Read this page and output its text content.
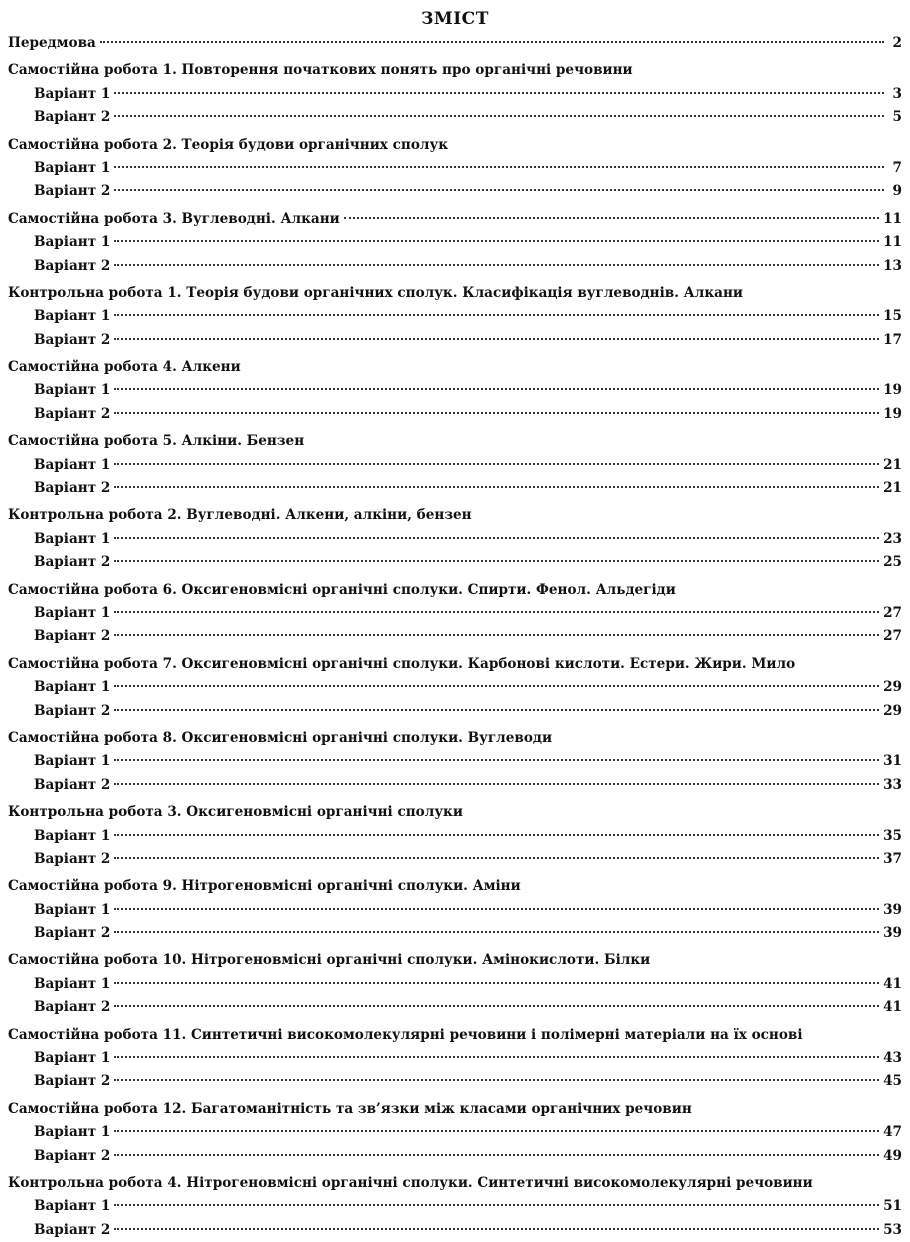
ЗМІСТ
Передмова	2
Самостійна робота 1. Повторення початкових понять про органічні речовини
Варіант 1	3
Варіант 2	5
Самостійна робота 2. Теорія будови органічних сполук
Варіант 1	7
Варіант 2	9
Самостійна робота 3. Вуглеводні. Алкани	11
Варіант 1	11
Варіант 2	13
Контрольна робота 1. Теорія будови органічних сполук. Класифікація вуглеводнів. Алкани
Варіант 1	15
Варіант 2	17
Самостійна робота 4. Алкени
Варіант 1	19
Варіант 2	19
Самостійна робота 5. Алкіни. Бензен
Варіант 1	21
Варіант 2	21
Контрольна робота 2. Вуглеводні. Алкени, алкіни, бензен
Варіант 1	23
Варіант 2	25
Самостійна робота 6. Оксигеновмісні органічні сполуки. Спирти. Фенол. Альдегіди
Варіант 1	27
Варіант 2	27
Самостійна робота 7. Оксигеновмісні органічні сполуки. Карбонові кислоти. Естери. Жири. Мило
Варіант 1	29
Варіант 2	29
Самостійна робота 8. Оксигеновмісні органічні сполуки. Вуглеводи
Варіант 1	31
Варіант 2	33
Контрольна робота 3. Оксигеновмісні органічні сполуки
Варіант 1	35
Варіант 2	37
Самостійна робота 9. Нітрогеновмісні органічні сполуки. Аміни
Варіант 1	39
Варіант 2	39
Самостійна робота 10. Нітрогеновмісні органічні сполуки. Амінокислоти. Білки
Варіант 1	41
Варіант 2	41
Самостійна робота 11. Синтетичні високомолекулярні речовини і полімерні матеріали на їх основі
Варіант 1	43
Варіант 2	45
Самостійна робота 12. Багатоманітність та зв’язки між класами органічних речовин
Варіант 1	47
Варіант 2	49
Контрольна робота 4. Нітрогеновмісні органічні сполуки. Синтетичні високомолекулярні речовини
Варіант 1	51
Варіант 2	53
